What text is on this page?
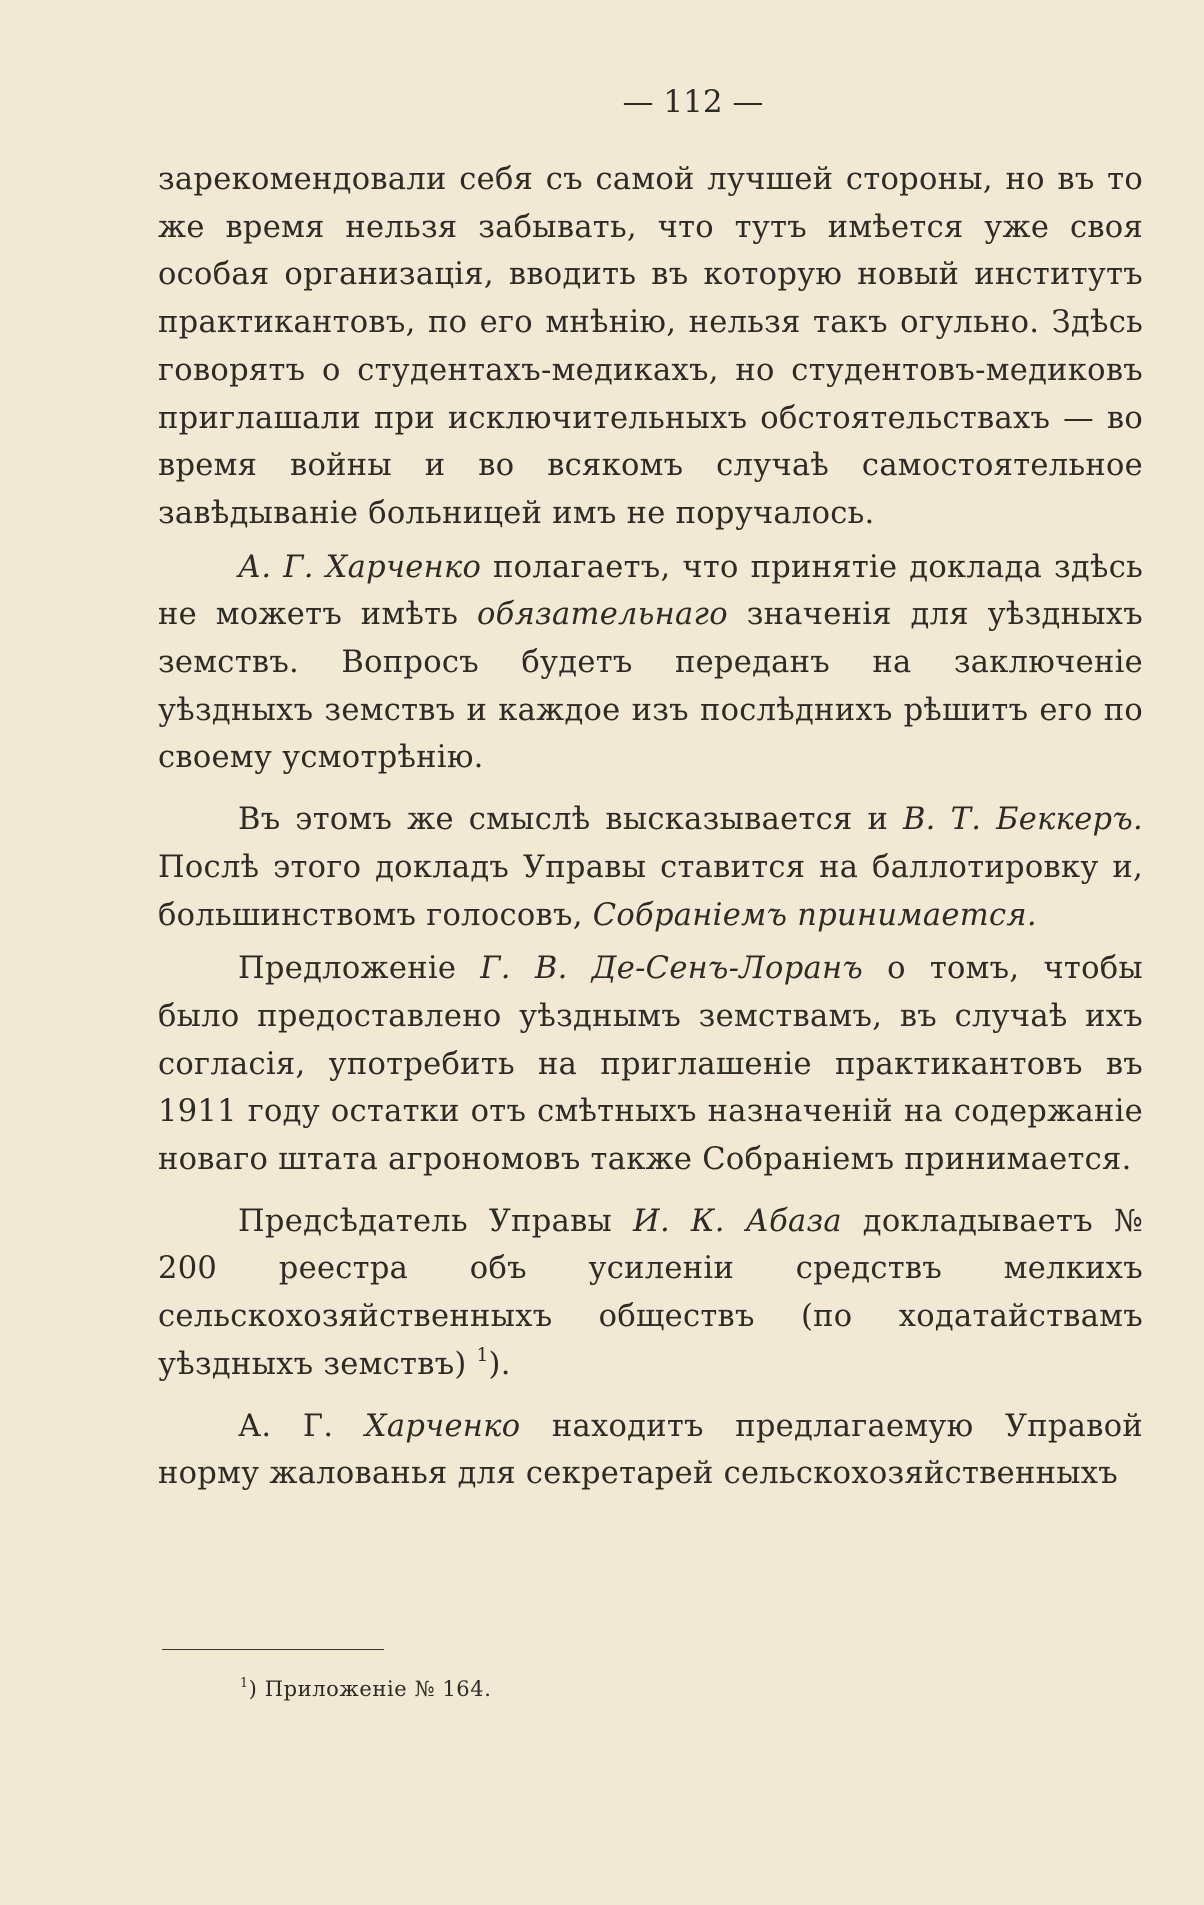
— 112 —

зарекомендовали себя съ самой лучшей стороны, но въ то же время нельзя забывать, что тутъ имѣется уже своя особая организація, вводить въ которую новый институтъ практикантовъ, по его мнѣнію, нельзя такъ огульно. Здѣсь говорятъ о студентахъ-медикахъ, но студентовъ-медиковъ приглашали при исключительныхъ обстоятельствахъ — во время войны и во всякомъ случаѣ самостоятельное завѣдываніе больницей имъ не поручалось.

А. Г. Харченко полагаетъ, что принятіе доклада здѣсь не можетъ имѣть обязательнаго значенія для уѣздныхъ земствъ. Вопросъ будетъ переданъ на заключеніе уѣздныхъ земствъ и каждое изъ послѣднихъ рѣшитъ его по своему усмотрѣнію.

Въ этомъ же смыслѣ высказывается и В. Т. Беккеръ. Послѣ этого докладъ Управы ставится на баллотировку и, большинствомъ голосовъ, Собраніемъ принимается.

Предложеніе Г. В. Де-Сенъ-Лоранъ о томъ, чтобы было предоставлено уѣзднымъ земствамъ, въ случаѣ ихъ согласія, употребить на приглашеніе практикантовъ въ 1911 году остатки отъ смѣтныхъ назначеній на содержаніе новаго штата агрономовъ также Собраніемъ принимается.

Предсѣдатель Управы И. К. Абаза докладываетъ № 200 реестра объ усиленіи средствъ мелкихъ сельскохозяйственныхъ обществъ (по ходатайствамъ уѣздныхъ земствъ) $^1$).

А. Г. Харченко находитъ предлагаемую Управой норму жалованья для секретарей сельскохозяйственныхъ

$^1$) Приложеніе № 164.
